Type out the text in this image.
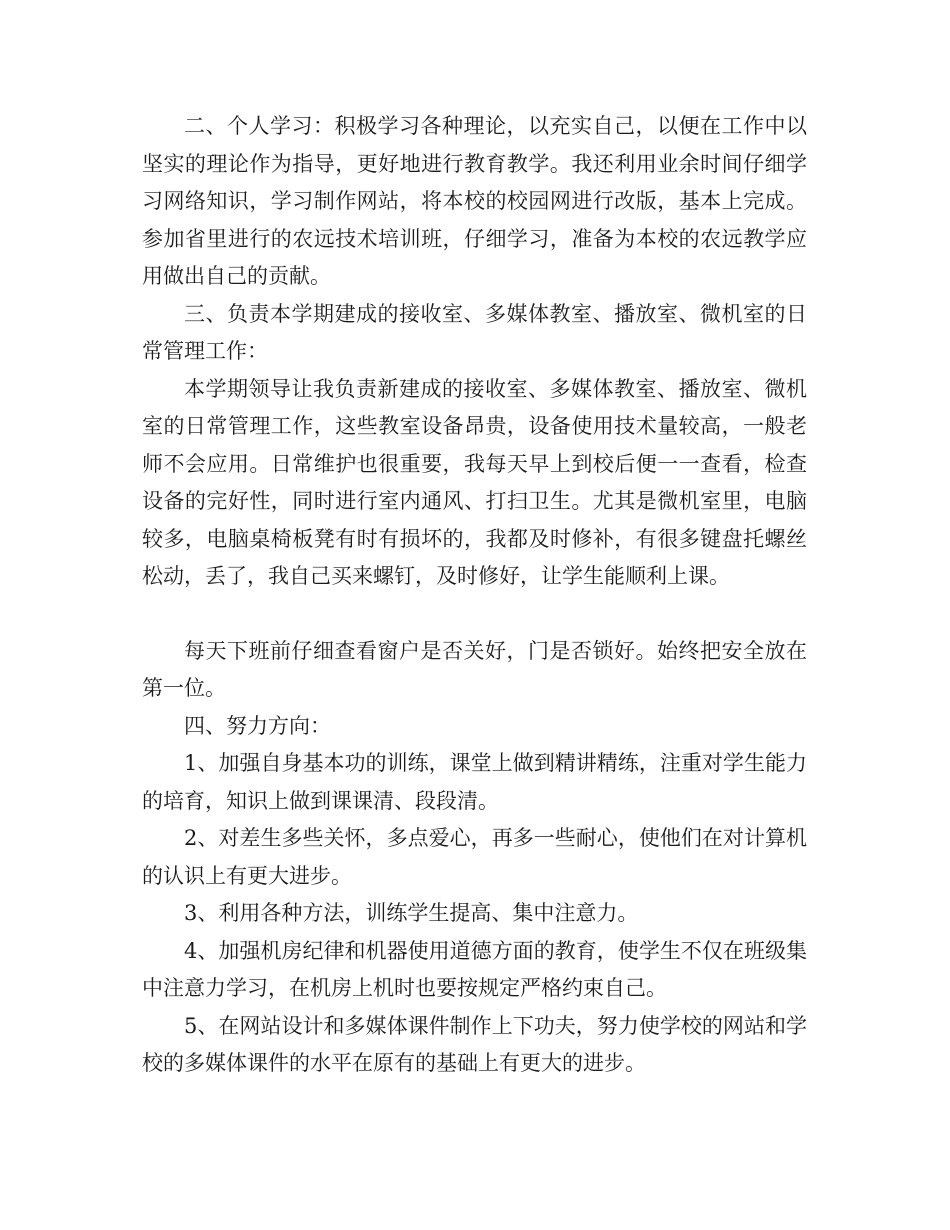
二、个人学习：积极学习各种理论，以充实自己，以便在工作中以坚实的理论作为指导，更好地进行教育教学。我还利用业余时间仔细学习网络知识，学习制作网站，将本校的校园网进行改版，基本上完成。参加省里进行的农远技术培训班，仔细学习，准备为本校的农远教学应用做出自己的贡献。

三、负责本学期建成的接收室、多媒体教室、播放室、微机室的日常管理工作：

本学期领导让我负责新建成的接收室、多媒体教室、播放室、微机室的日常管理工作，这些教室设备昂贵，设备使用技术量较高，一般老师不会应用。日常维护也很重要，我每天早上到校后便一一查看，检查设备的完好性，同时进行室内通风、打扫卫生。尤其是微机室里，电脑较多，电脑桌椅板凳有时有损坏的，我都及时修补，有很多键盘托螺丝松动，丢了，我自己买来螺钉，及时修好，让学生能顺利上课。

每天下班前仔细查看窗户是否关好，门是否锁好。始终把安全放在第一位。

四、努力方向：

1、加强自身基本功的训练，课堂上做到精讲精练，注重对学生能力的培育，知识上做到课课清、段段清。

2、对差生多些关怀，多点爱心，再多一些耐心，使他们在对计算机的认识上有更大进步。

3、利用各种方法，训练学生提高、集中注意力。

4、加强机房纪律和机器使用道德方面的教育，使学生不仅在班级集中注意力学习，在机房上机时也要按规定严格约束自己。

5、在网站设计和多媒体课件制作上下功夫，努力使学校的网站和学校的多媒体课件的水平在原有的基础上有更大的进步。
